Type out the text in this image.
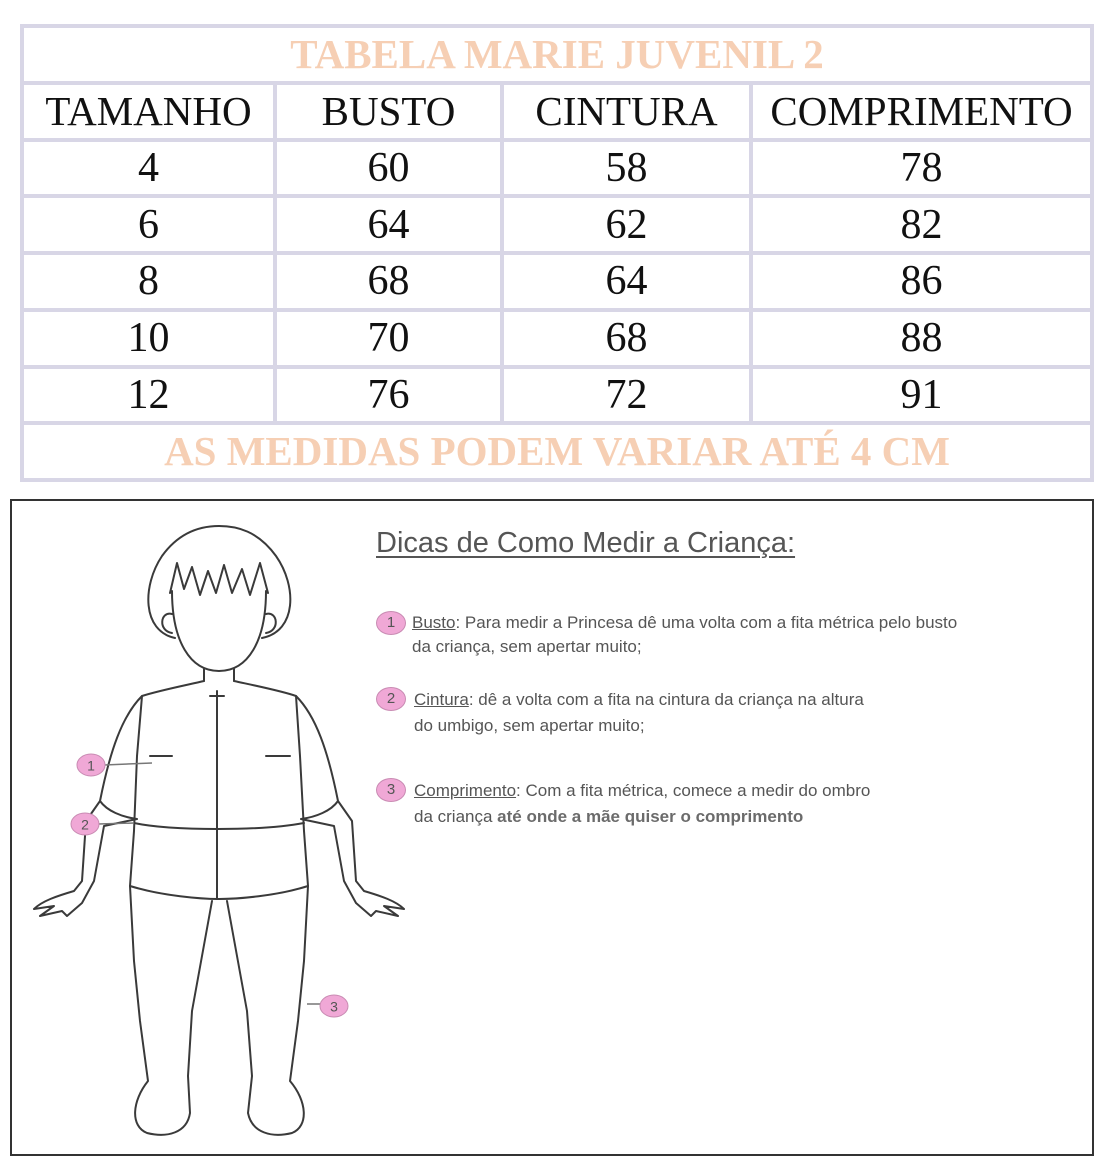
TABELA MARIE JUVENIL 2			
TAMANHO	BUSTO	CINTURA	COMPRIMENTO
4	60	58	78
6	64	62	82
8	68	64	86
10	70	68	88
12	76	72	91
AS MEDIDAS PODEM VARIAR ATÉ 4 CM			
1
2
3
Dicas de Como Medir a Criança:
1 Busto: Para medir a Princesa dê uma volta com a fita métrica pelo busto
da criança, sem apertar muito;
2	Cintura: dê a volta com a fita na cintura da criança na altura
do umbigo, sem apertar muito;
3	Comprimento: Com a fita métrica, comece a medir do ombro
da criança até onde a mãe quiser o comprimento
